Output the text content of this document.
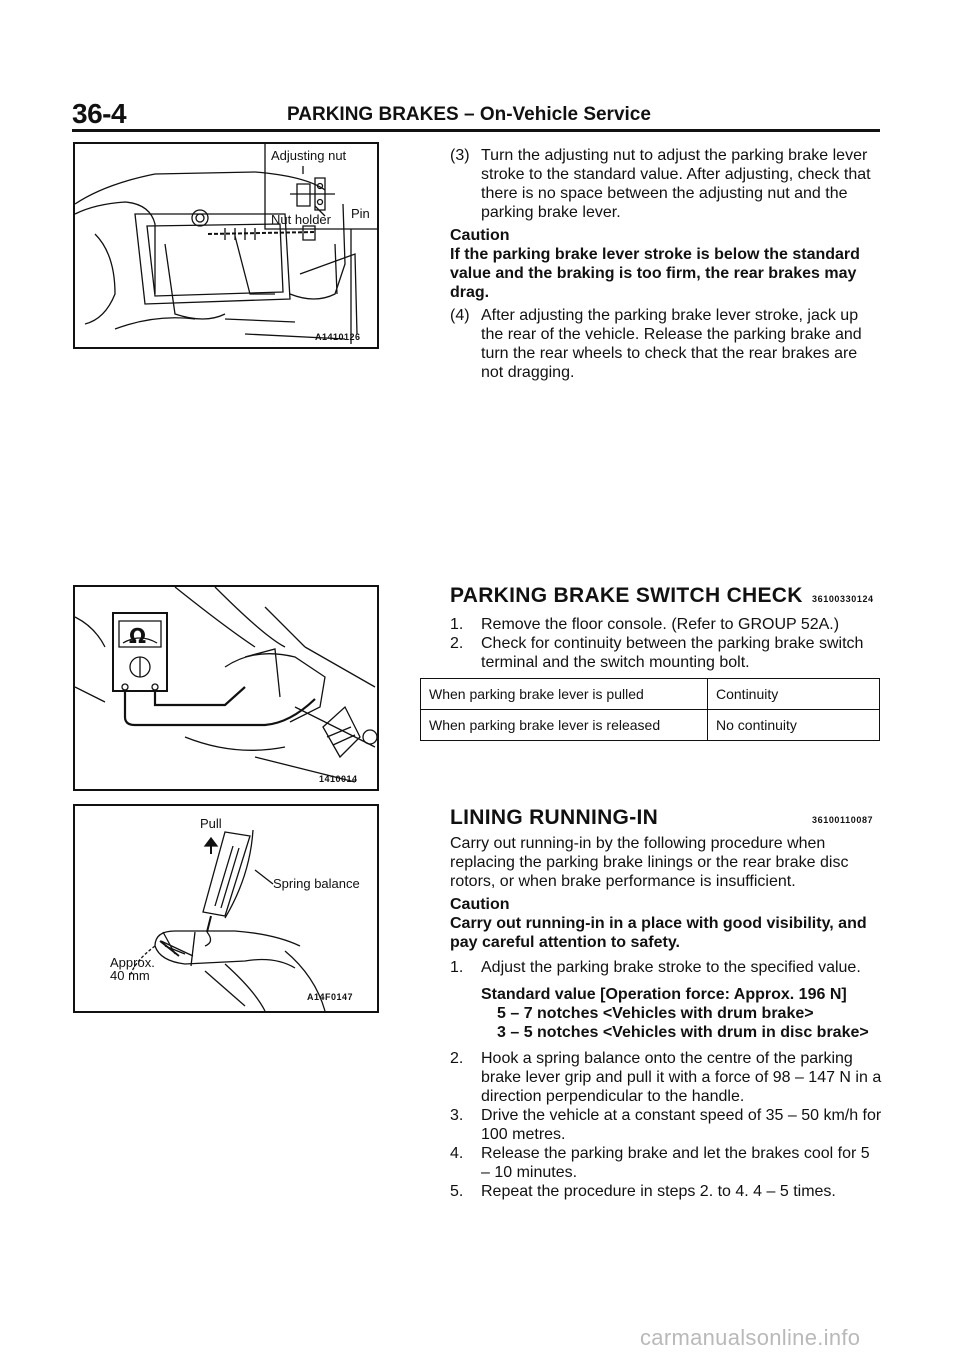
36-4	PARKING BRAKES – On-Vehicle Service
Adjusting nut
Nut holder Pin
A1410126
(3) Turn the adjusting nut to adjust the parking brake lever stroke to the standard value. After adjusting, check that there is no space between the adjusting nut and the parking brake lever.
Caution
If the parking brake lever stroke is below the standard value and the braking is too firm, the rear brakes may drag.
(4) After adjusting the parking brake lever stroke, jack up the rear of the vehicle. Release the parking brake and turn the rear wheels to check that the rear brakes are not dragging.
Ω
1410014
PARKING BRAKE SWITCH CHECK 36100330124
1. Remove the floor console. (Refer to GROUP 52A.)
2. Check for continuity between the parking brake switch terminal and the switch mounting bolt.
When parking brake lever is pulled	Continuity
When parking brake lever is released	No continuity
Pull
Spring balance
Approx.
40 mm
A14F0147
LINING RUNNING-IN	36100110087
Carry out running-in by the following procedure when replacing the parking brake linings or the rear brake disc rotors, or when brake performance is insufficient.
Caution
Carry out running-in in a place with good visibility, and pay careful attention to safety.
1. Adjust the parking brake stroke to the specified value.
Standard value [Operation force: Approx. 196 N]
5 – 7 notches <Vehicles with drum brake>
3 – 5 notches <Vehicles with drum in disc brake>
2. Hook a spring balance onto the centre of the parking brake lever grip and pull it with a force of 98 – 147 N in a direction perpendicular to the handle.
3. Drive the vehicle at a constant speed of 35 – 50 km/h for 100 metres.
4. Release the parking brake and let the brakes cool for 5 – 10 minutes.
5. Repeat the procedure in steps 2. to 4. 4 – 5 times.
carmanualsonline.info
